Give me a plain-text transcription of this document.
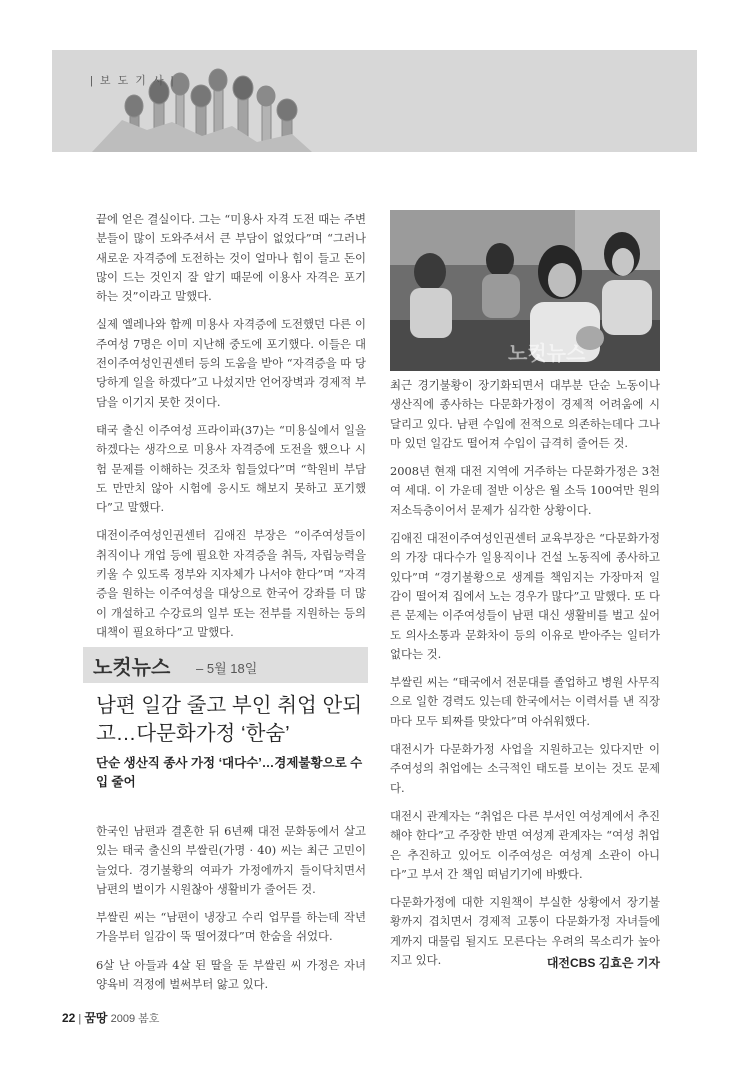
| 보 도 기 사 |

끝에 얻은 결실이다. 그는 “미용사 자격 도전 때는 주변 분들이 많이 도와주셔서 큰 부담이 없었다”며 “그러나 새로운 자격증에 도전하는 것이 얼마나 힘이 들고 돈이 많이 드는 것인지 잘 알기 때문에 이용사 자격은 포기하는 것”이라고 말했다.

실제 엘레나와 함께 미용사 자격증에 도전했던 다른 이주여성 7명은 이미 지난해 중도에 포기했다. 이들은 대전이주여성인권센터 등의 도움을 받아 “자격증을 따 당당하게 일을 하겠다”고 나섰지만 언어장벽과 경제적 부담을 이기지 못한 것이다.

태국 출신 이주여성 프라이파(37)는 “미용실에서 일을 하겠다는 생각으로 미용사 자격증에 도전을 했으나 시험 문제를 이해하는 것조차 힘들었다”며 “학원비 부담도 만만치 않아 시험에 응시도 해보지 못하고 포기했다”고 말했다.

대전이주여성인권센터 김애진 부장은 “이주여성들이 취직이나 개업 등에 필요한 자격증을 취득, 자립능력을 키울 수 있도록 정부와 지자체가 나서야 한다”며 “자격증을 원하는 이주여성을 대상으로 한국어 강좌를 더 많이 개설하고 수강료의 일부 또는 전부를 지원하는 등의 대책이 필요하다”고 말했다.

노컷뉴스

최근 경기불황이 장기화되면서 대부분 단순 노동이나 생산직에 종사하는 다문화가정이 경제적 어려움에 시달리고 있다. 남편 수입에 전적으로 의존하는데다 그나마 있던 일감도 떨어져 수입이 급격히 줄어든 것.

2008년 현재 대전 지역에 거주하는 다문화가정은 3천여 세대. 이 가운데 절반 이상은 월 소득 100여만 원의 저소득층이어서 문제가 심각한 상황이다.

김애진 대전이주여성인권센터 교육부장은 “다문화가정의 가장 대다수가 일용직이나 건설 노동직에 종사하고 있다”며 “경기불황으로 생계를 책임지는 가장마저 일감이 떨어져 집에서 노는 경우가 많다”고 말했다. 또 다른 문제는 이주여성들이 남편 대신 생활비를 벌고 싶어도 의사소통과 문화차이 등의 이유로 받아주는 일터가 없다는 것.

부쌀린 씨는 “태국에서 전문대를 졸업하고 병원 사무직으로 일한 경력도 있는데 한국에서는 이력서를 낸 직장마다 모두 퇴짜를 맞았다”며 아쉬워했다.

대전시가 다문화가정 사업을 지원하고는 있다지만 이주여성의 취업에는 소극적인 태도를 보이는 것도 문제다.

대전시 관계자는 “취업은 다른 부서인 여성계에서 추진해야 한다”고 주장한 반면 여성계 관계자는 “여성 취업은 추진하고 있어도 이주여성은 여성계 소관이 아니다”고 부서 간 책임 떠넘기기에 바빴다.

다문화가정에 대한 지원책이 부실한 상황에서 장기불황까지 겹치면서 경제적 고통이 다문화가정 자녀들에게까지 대물림 될지도 모른다는 우려의 목소리가 높아지고 있다.

노컷뉴스 – 5월 18일
남편 일감 줄고 부인 취업 안되고…다문화가정 ‘한숨’
단순 생산직 종사 가정 ‘대다수’…경제불황으로 수입 줄어

한국인 남편과 결혼한 뒤 6년째 대전 문화동에서 살고 있는 태국 출신의 부쌀린(가명 · 40) 씨는 최근 고민이 늘었다. 경기불황의 여파가 가정에까지 들이닥치면서 남편의 벌이가 시원찮아 생활비가 줄어든 것.

부쌀린 씨는 “남편이 냉장고 수리 업무를 하는데 작년 가을부터 일감이 뚝 떨어졌다”며 한숨을 쉬었다.

6살 난 아들과 4살 된 딸을 둔 부쌀린 씨 가정은 자녀 양육비 걱정에 벌써부터 앓고 있다.

대전CBS 김효은 기자
22 | 꿈땅 2009 봄호
